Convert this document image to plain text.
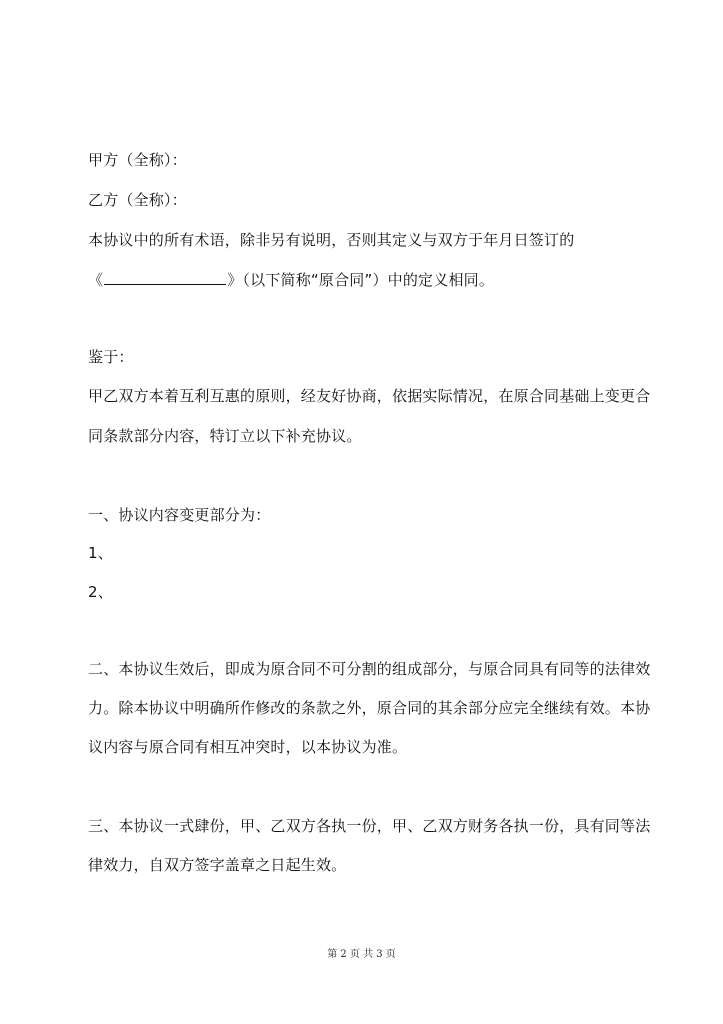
甲方（全称）：
乙方（全称）：
本协议中的所有术语，除非另有说明，否则其定义与双方于年月日签订的
《	》（以下简称“原合同”）中的定义相同。
鉴于：
甲乙双方本着互利互惠的原则，经友好协商，依据实际情况，在原合同基础上变更合
同条款部分内容，特订立以下补充协议。
一、协议内容变更部分为：
1、
2、
二、本协议生效后，即成为原合同不可分割的组成部分，与原合同具有同等的法律效
力。除本协议中明确所作修改的条款之外，原合同的其余部分应完全继续有效。本协
议内容与原合同有相互冲突时，以本协议为准。
三、本协议一式肆份，甲、乙双方各执一份，甲、乙双方财务各执一份，具有同等法
律效力，自双方签字盖章之日起生效。
第 2 页 共 3 页
